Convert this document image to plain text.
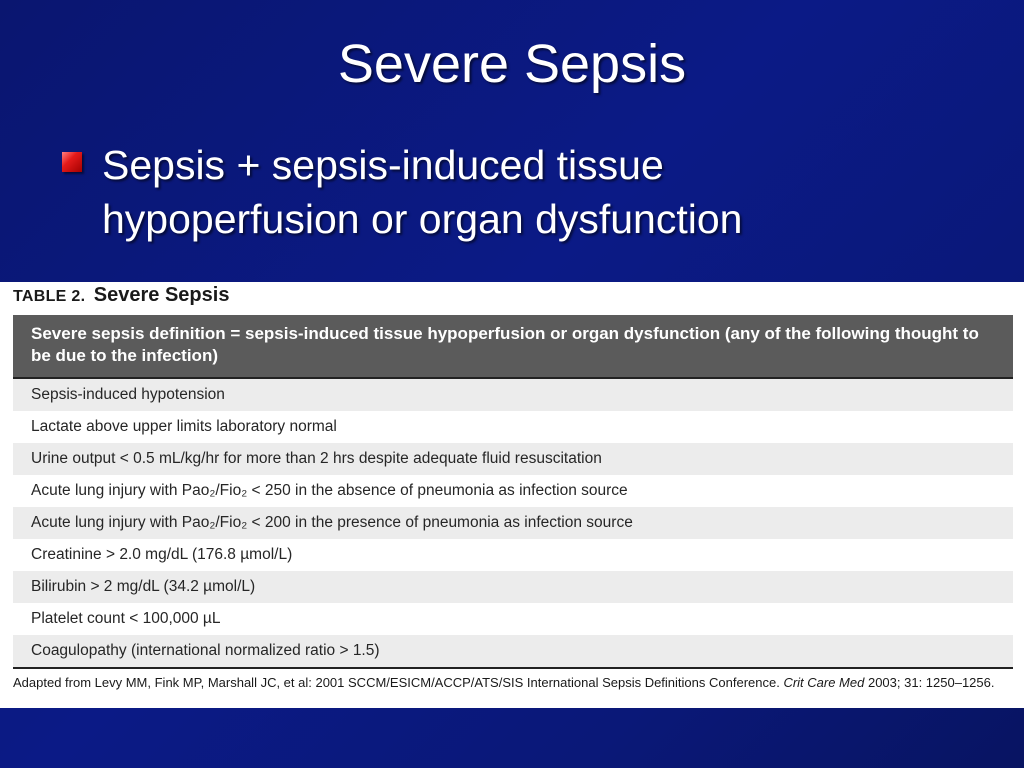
Severe Sepsis
Sepsis + sepsis-induced tissue
hypoperfusion or organ dysfunction
TABLE 2. Severe Sepsis
Severe sepsis definition = sepsis-induced tissue hypoperfusion or organ dysfunction (any of the following thought to be due to the infection)
Sepsis-induced hypotension
Lactate above upper limits laboratory normal
Urine output < 0.5 mL/kg/hr for more than 2 hrs despite adequate fluid resuscitation
Acute lung injury with Pao₂/Fio₂ < 250 in the absence of pneumonia as infection source
Acute lung injury with Pao₂/Fio₂ < 200 in the presence of pneumonia as infection source
Creatinine > 2.0 mg/dL (176.8 µmol/L)
Bilirubin > 2 mg/dL (34.2 µmol/L)
Platelet count < 100,000 µL
Coagulopathy (international normalized ratio > 1.5)
Adapted from Levy MM, Fink MP, Marshall JC, et al: 2001 SCCM/ESICM/ACCP/ATS/SIS International Sepsis Definitions Conference. Crit Care Med 2003; 31: 1250–1256.
